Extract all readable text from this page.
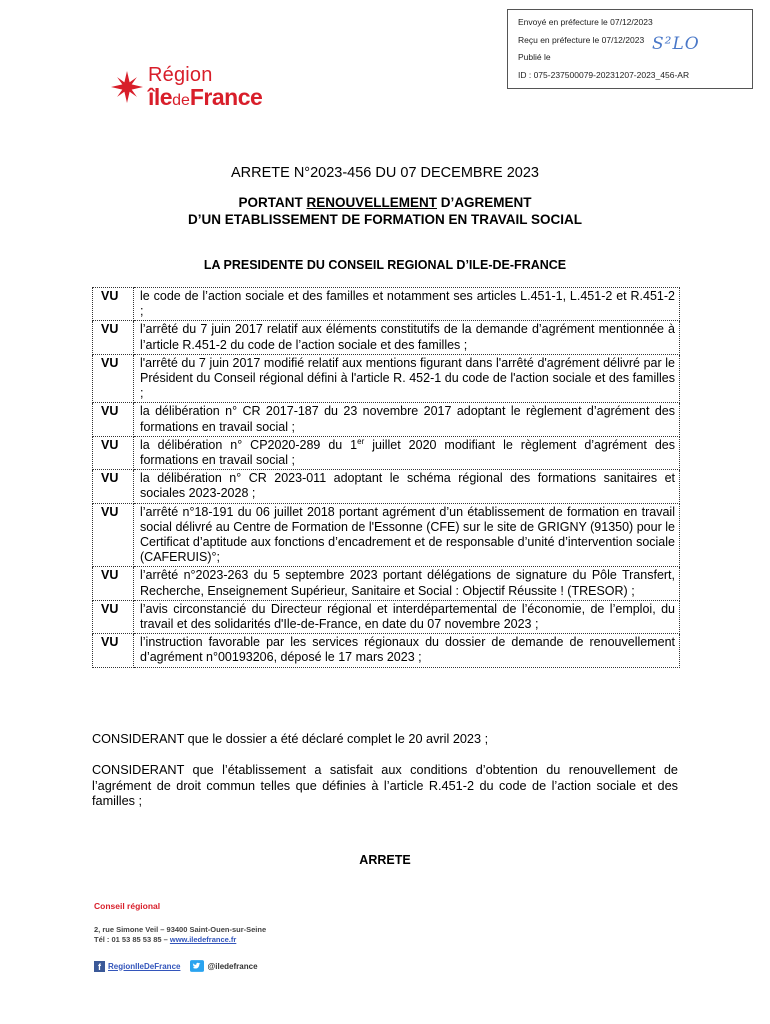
Envoyé en préfecture le 07/12/2023
Reçu en préfecture le 07/12/2023
Publié le
ID : 075-237500079-20231207-2023_456-AR
S²LO
Région
îledeFrance
ARRETE N°2023-456 DU 07 DECEMBRE 2023
PORTANT RENOUVELLEMENT D’AGREMENT
D’UN ETABLISSEMENT DE FORMATION EN TRAVAIL SOCIAL
LA PRESIDENTE DU CONSEIL REGIONAL D’ILE-DE-FRANCE
VU	le code de l’action sociale et des familles et notamment ses articles L.451-1, L.451-2 et R.451-2 ;
VU	l’arrêté du 7 juin 2017 relatif aux éléments constitutifs de la demande d’agrément mentionnée à l’article R.451-2 du code de l’action sociale et des familles ;
VU	l'arrêté du 7 juin 2017 modifié relatif aux mentions figurant dans l'arrêté d'agrément délivré par le Président du Conseil régional défini à l'article R. 452-1 du code de l'action sociale et des familles ;
VU	la délibération n° CR 2017-187 du 23 novembre 2017 adoptant le règlement d’agrément des formations en travail social ;
VU	la délibération n° CP2020-289 du 1er juillet 2020 modifiant le règlement d’agrément des formations en travail social ;
VU	la délibération n° CR 2023-011 adoptant le schéma régional des formations sanitaires et sociales 2023-2028 ;
VU	l’arrêté n°18-191 du 06 juillet 2018 portant agrément d’un établissement de formation en travail social délivré au Centre de Formation de l'Essonne (CFE) sur le site de GRIGNY (91350) pour le Certificat d’aptitude aux fonctions d’encadrement et de responsable d’unité d’intervention sociale (CAFERUIS)°;
VU	l’arrêté n°2023-263 du 5 septembre 2023 portant délégations de signature du Pôle Transfert, Recherche, Enseignement Supérieur, Sanitaire et Social : Objectif Réussite ! (TRESOR) ;
VU	l’avis circonstancié du Directeur régional et interdépartemental de l’économie, de l’emploi, du travail et des solidarités d'Ile-de-France, en date du 07 novembre 2023 ;
VU	l’instruction favorable par les services régionaux du dossier de demande de renouvellement d’agrément n°00193206, déposé le 17 mars 2023 ;
CONSIDERANT que le dossier a été déclaré complet le 20 avril 2023 ;
CONSIDERANT que l’établissement a satisfait aux conditions d’obtention du renouvellement de l’agrément de droit commun telles que définies à l’article R.451-2 du code de l’action sociale et des familles ;
ARRETE
Conseil régional
2, rue Simone Veil – 93400 Saint-Ouen-sur-Seine
Tél : 01 53 85 53 85 – www.iledefrance.fr
f RegionIleDeFrance	@iledefrance
